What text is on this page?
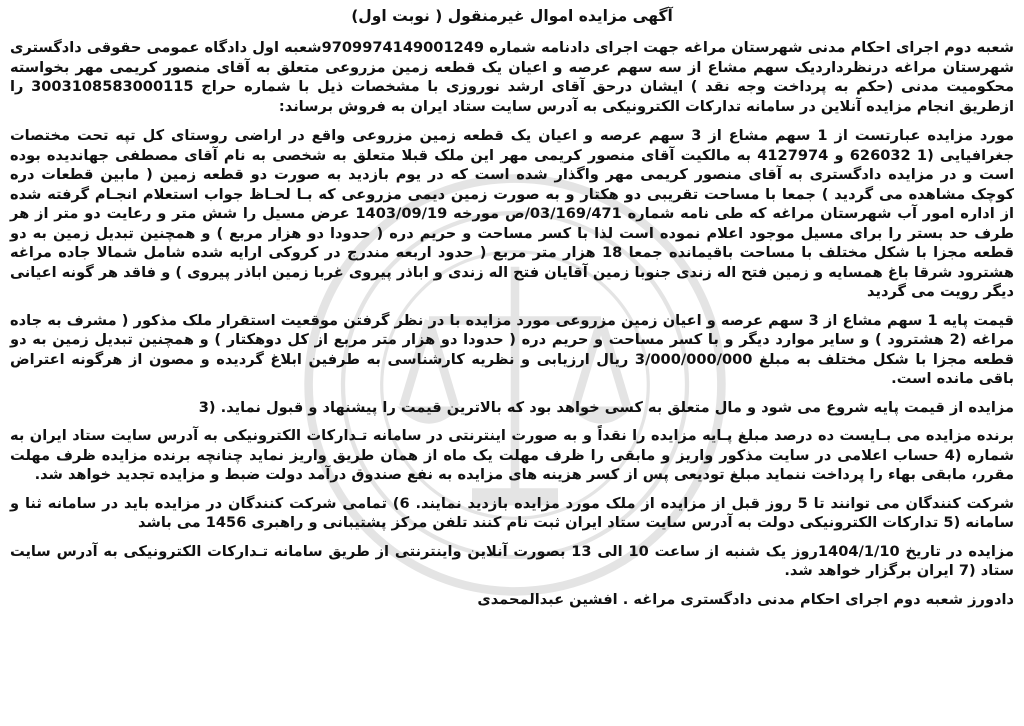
آگهی مزایده اموال غیرمنقول ( نوبت اول)

شعبه دوم اجرای احکام مدنی شهرستان مراغه جهت اجرای دادنامه شماره 9709974149001249شعبه اول دادگاه عمومی حقوقی دادگستری شهرستان مراغه درنظرداردیک سهم مشاع از سه سهم عرصه و اعیان یک قطعه زمین مزروعی متعلق به آقای منصور کریمی مهر بخواسته محکومیت مدنی (حکم به پرداخت وجه نقد ) ایشان درحق آقای ارشد نوروزی با مشخصات ذیل با شماره حراج 3003108583000115 را ازطریق انجام مزایده آنلاین در سامانه تدارکات الکترونیکی به آدرس سایت ستاد ایران به فروش برساند:

مورد مزایده عبارتست از 1 سهم مشاع از 3 سهم عرصه و اعیان یک قطعه زمین مزروعی واقع در اراضی روستای کل تپه تحت مختصات جغرافیایی (1 626032 و 4127974 به مالکیت آقای منصور کریمی مهر این ملک قبلا متعلق به شخصی به نام آقای مصطفی جهاندیده بوده است و در مزایده دادگستری به آقای منصور کریمی مهر واگذار شده است که در یوم بازدید به صورت دو قطعه زمین ( مابین قطعات دره کوچک مشاهده می گردید ) جمعا با مساحت تقریبی دو هکتار و به صورت زمین دیمی مزروعی که بـا لحـاظ جواب استعلام انجـام گرفته شده از اداره امور آب شهرستان مراغه که طی نامه شماره 03/169/471/ص مورخه 1403/09/19 عرض مسیل را شش متر و رعایت دو متر از هر طرف حد بستر را برای مسیل موجود اعلام نموده است لذا با کسر مساحت و حریم دره ( حدودا دو هزار مربع ) و همچنین تبدیل زمین به دو قطعه مجزا با شکل مختلف با مساحت باقیمانده جمعا 18 هزار متر مربع ( حدود اربعه مندرج در کروکی ارایه شده شامل شمالا جاده مراغه هشترود شرقا باغ همسایه و زمین فتح اله زندی جنوبا زمین آقایان فتح اله زندی و اباذر پیروی غربا زمین اباذر پیروی ) و فاقد هر گونه اعیانی دیگر رویت می گردید

قیمت پایه 1 سهم مشاع از 3 سهم عرصه و اعیان زمین مزروعی مورد مزایده با در نظر گرفتن موقعیت استقرار ملک مذکور ( مشرف به جاده مراغه (2 هشترود ) و سایر موارد دیگر و با کسر مساحت و حریم دره ( حدودا دو هزار متر مربع از کل دوهکتار ) و همچنین تبدیل زمین به دو قطعه مجزا با شکل مختلف به مبلغ 3/000/000/000 ریال ارزیابی و نظریه کارشناسی به طرفین ابلاغ گردیده و مصون از هرگونه اعتراض باقی مانده است.

مزایده از قیمت پایه شروع می شود و مال متعلق به کسی خواهد بود که بالاترین قیمت را پیشنهاد و قبول نماید. (3

برنده مزایده می بـایست ده درصد مبلغ پـایه مزایده را نقداً و به صورت اینترنتی در سامانه تـدارکات الکترونیکی به آدرس سایت ستاد ایران به شماره (4 حساب اعلامی در سایت مذکور واریز و مابقی را ظرف مهلت یک ماه از همان طریق واریز نماید چنانچه برنده مزایده ظرف مهلت مقرر، مابقی بهاء را پرداخت ننماید مبلغ تودیعی پس از کسر هزینه های مزایده به نفع صندوق درآمد دولت ضبط و مزایده تجدید خواهد شد.

شرکت کنندگان می توانند تا 5 روز قبل از مزایده از ملک مورد مزایده بازدید نمایند. 6) تمامی شرکت کنندگان در مزایده باید در سامانه ثنا و سامانه (5 تدارکات الکترونیکی دولت به آدرس سایت ستاد ایران ثبت نام کنند تلفن مرکز پشتیبانی و راهبری 1456 می باشد

مزایده در تاریخ 1404/1/10روز یک شنبه از ساعت 10 الی 13 بصورت آنلاین واینترنتی از طریق سامانه تـدارکات الکترونیکی به آدرس سایت ستاد (7 ایران برگزار خواهد شد.

دادورز شعبه دوم اجرای احکام مدنی دادگستری مراغه . افشین عبدالمحمدی
